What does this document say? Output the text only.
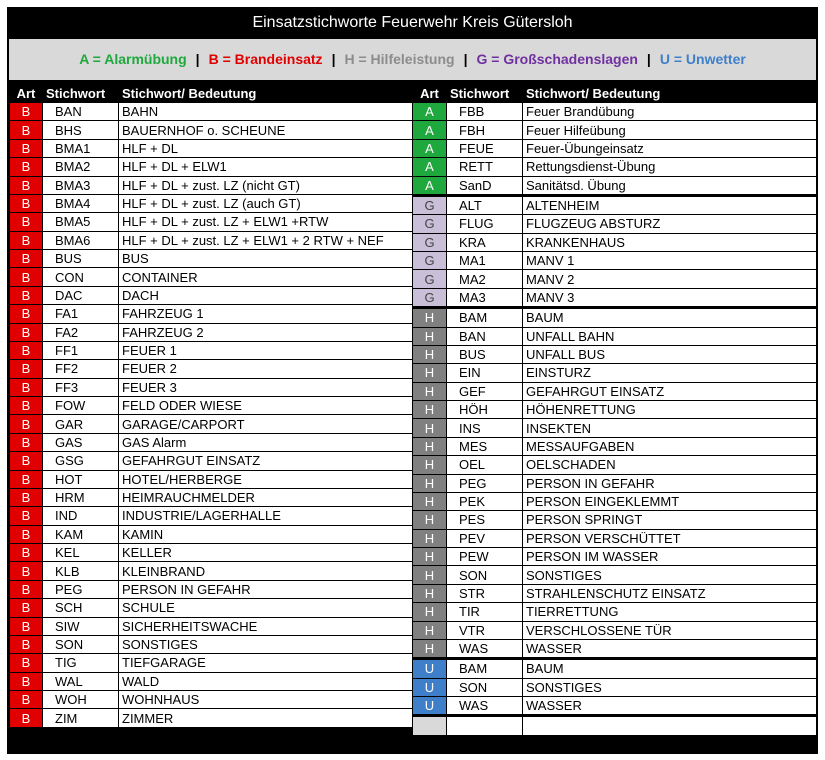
Einsatzstichworte Feuerwehr Kreis Gütersloh
A = Alarmübung | B = Brandeinsatz | H = Hilfeleistung | G = Großschadenslagen | U = Unwetter
Art	Stichwort	Stichwort/ Bedeutung
B	BAN	BAHN
B	BHS	BAUERNHOF o. SCHEUNE
B	BMA1	HLF + DL
B	BMA2	HLF + DL + ELW1
B	BMA3	HLF + DL + zust. LZ (nicht GT)
B	BMA4	HLF + DL + zust. LZ (auch GT)
B	BMA5	HLF + DL + zust. LZ + ELW1 +RTW
B	BMA6	HLF + DL + zust. LZ + ELW1 + 2 RTW + NEF
B	BUS	BUS
B	CON	CONTAINER
B	DAC	DACH
B	FA1	FAHRZEUG 1
B	FA2	FAHRZEUG 2
B	FF1	FEUER 1
B	FF2	FEUER 2
B	FF3	FEUER 3
B	FOW	FELD ODER WIESE
B	GAR	GARAGE/CARPORT
B	GAS	GAS Alarm
B	GSG	GEFAHRGUT EINSATZ
B	HOT	HOTEL/HERBERGE
B	HRM	HEIMRAUCHMELDER
B	IND	INDUSTRIE/LAGERHALLE
B	KAM	KAMIN
B	KEL	KELLER
B	KLB	KLEINBRAND
B	PEG	PERSON IN GEFAHR
B	SCH	SCHULE
B	SIW	SICHERHEITSWACHE
B	SON	SONSTIGES
B	TIG	TIEFGARAGE
B	WAL	WALD
B	WOH	WOHNHAUS
B	ZIM	ZIMMER
Art	Stichwort	Stichwort/ Bedeutung
A	FBB	Feuer Brandübung
A	FBH	Feuer Hilfeübung
A	FEUE	Feuer-Übungeinsatz
A	RETT	Rettungsdienst-Übung
A	SanD	Sanitätsd. Übung
G	ALT	ALTENHEIM
G	FLUG	FLUGZEUG ABSTURZ
G	KRA	KRANKENHAUS
G	MA1	MANV 1
G	MA2	MANV 2
G	MA3	MANV 3
H	BAM	BAUM
H	BAN	UNFALL BAHN
H	BUS	UNFALL BUS
H	EIN	EINSTURZ
H	GEF	GEFAHRGUT EINSATZ
H	HÖH	HÖHENRETTUNG
H	INS	INSEKTEN
H	MES	MESSAUFGABEN
H	OEL	OELSCHADEN
H	PEG	PERSON IN GEFAHR
H	PEK	PERSON EINGEKLEMMT
H	PES	PERSON SPRINGT
H	PEV	PERSON VERSCHÜTTET
H	PEW	PERSON IM WASSER
H	SON	SONSTIGES
H	STR	STRAHLENSCHUTZ EINSATZ
H	TIR	TIERRETTUNG
H	VTR	VERSCHLOSSENE TÜR
H	WAS	WASSER
U	BAM	BAUM
U	SON	SONSTIGES
U	WAS	WASSER
